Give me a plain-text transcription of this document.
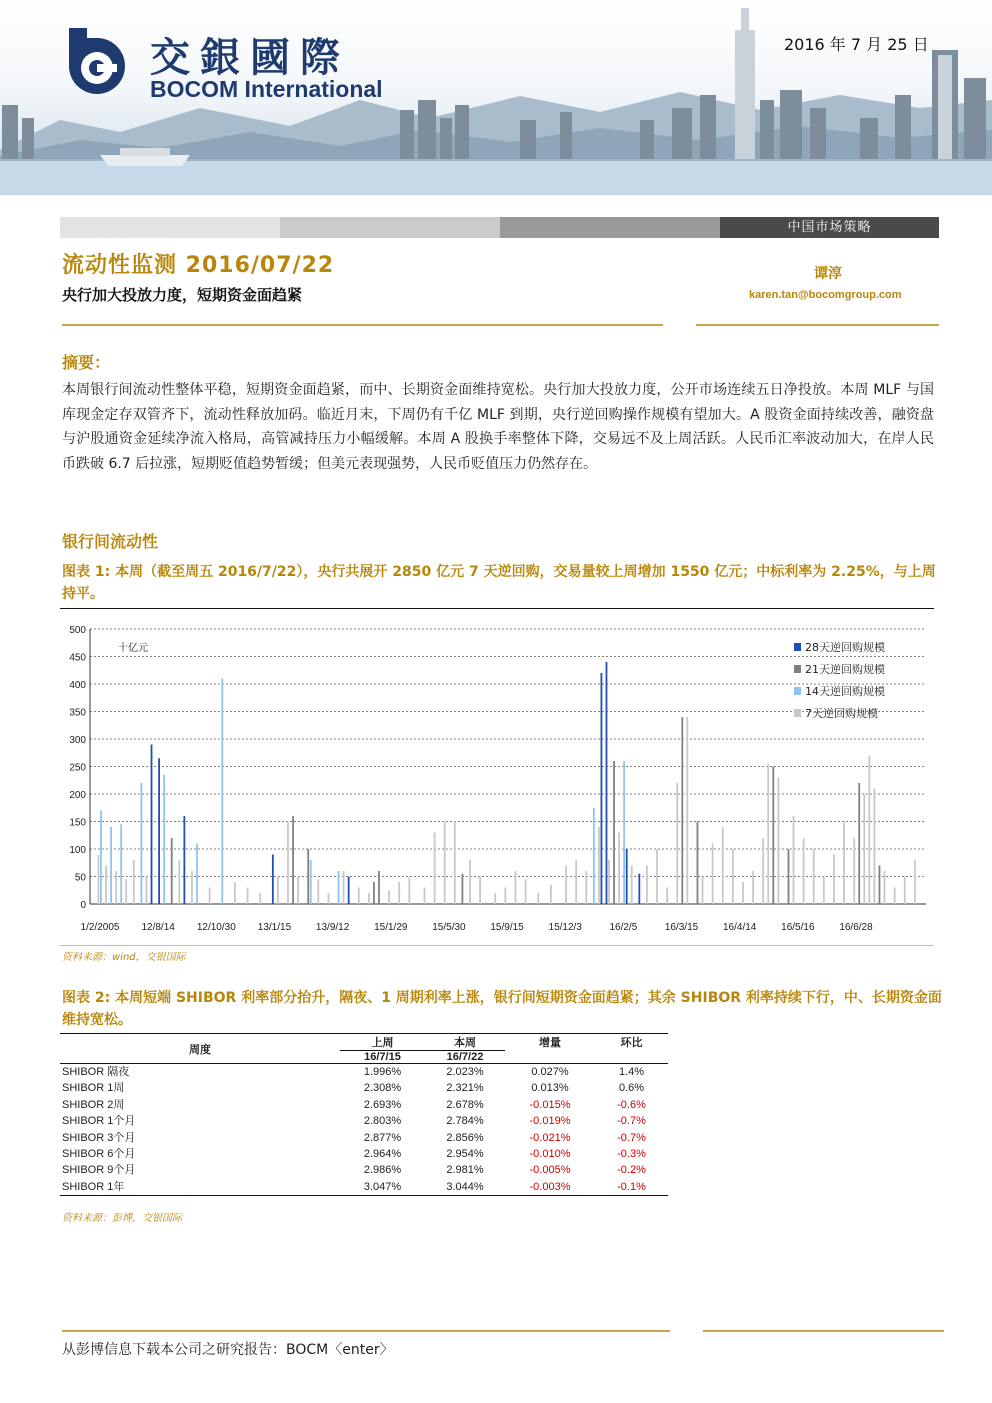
交銀國際
BOCOM International
2016 年 7 月 25 日
中国市场策略
流动性监测 2016/07/22
央行加大投放力度，短期资金面趋紧
谭淳
karen.tan@bocomgroup.com
摘要：
本周银行间流动性整体平稳，短期资金面趋紧，而中、长期资金面维持宽松。央行加大投放力度，公开市场连续五日净投放。本周 MLF 与国库现金定存双管齐下，流动性释放加码。临近月末，下周仍有千亿 MLF 到期，央行逆回购操作规模有望加大。A 股资金面持续改善，融资盘与沪股通资金延续净流入格局，高管减持压力小幅缓解。本周 A 股换手率整体下降，交易远不及上周活跃。人民币汇率波动加大，在岸人民币跌破 6.7 后拉涨，短期贬值趋势暂缓；但美元表现强势，人民币贬值压力仍然存在。
银行间流动性
图表 1: 本周（截至周五 2016/7/22），央行共展开 2850 亿元 7 天逆回购，交易量较上周增加 1550 亿元；中标利率为 2.25%，与上周持平。
0
50
100
150
200
250
300
350
400
450
500
十亿元
1/2/2005 12/8/14 12/10/30 13/1/15 13/9/12 15/1/29 15/5/30 15/9/15 15/12/3	16/2/5	16/3/15 16/4/14 16/5/16 16/6/28
28天逆回购规模
21天逆回购规模
14天逆回购规模
7天逆回购规模
资料来源：wind，交银国际
图表 2: 本周短端 SHIBOR 利率部分抬升，隔夜、1 周期利率上涨，银行间短期资金面趋紧；其余 SHIBOR 利率持续下行，中、长期资金面维持宽松。
周度	上周	本周	增量	环比
	16/7/15	16/7/22		
SHIBOR 隔夜	1.996%	2.023%	0.027%	1.4%
SHIBOR 1周	2.308%	2.321%	0.013%	0.6%
SHIBOR 2周	2.693%	2.678%	-0.015%	-0.6%
SHIBOR 1个月	2.803%	2.784%	-0.019%	-0.7%
SHIBOR 3个月	2.877%	2.856%	-0.021%	-0.7%
SHIBOR 6个月	2.964%	2.954%	-0.010%	-0.3%
SHIBOR 9个月	2.986%	2.981%	-0.005%	-0.2%
SHIBOR 1年	3.047%	3.044%	-0.003%	-0.1%
资料来源：彭博，交银国际
从彭博信息下载本公司之研究报告：BOCM〈enter〉
